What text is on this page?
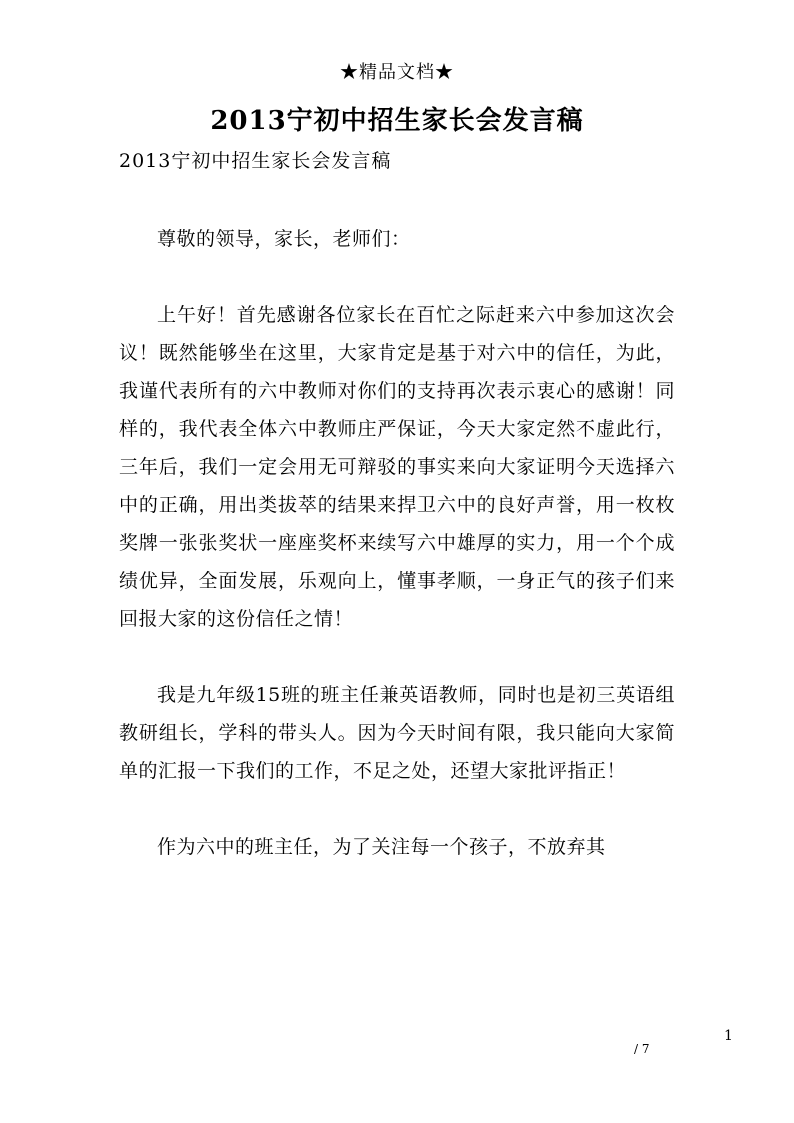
★精品文档★
2013宁初中招生家长会发言稿
2013宁初中招生家长会发言稿

尊敬的领导，家长，老师们：

上午好！首先感谢各位家长在百忙之际赶来六中参加这次会议！既然能够坐在这里，大家肯定是基于对六中的信任，为此，我谨代表所有的六中教师对你们的支持再次表示衷心的感谢！同样的，我代表全体六中教师庄严保证，今天大家定然不虚此行，三年后，我们一定会用无可辩驳的事实来向大家证明今天选择六中的正确，用出类拔萃的结果来捍卫六中的良好声誉，用一枚枚奖牌一张张奖状一座座奖杯来续写六中雄厚的实力，用一个个成绩优异，全面发展，乐观向上，懂事孝顺，一身正气的孩子们来回报大家的这份信任之情！

我是九年级15班的班主任兼英语教师，同时也是初三英语组教研组长，学科的带头人。因为今天时间有限，我只能向大家简单的汇报一下我们的工作，不足之处，还望大家批评指正！

作为六中的班主任，为了关注每一个孩子，不放弃其

1
/ 7
